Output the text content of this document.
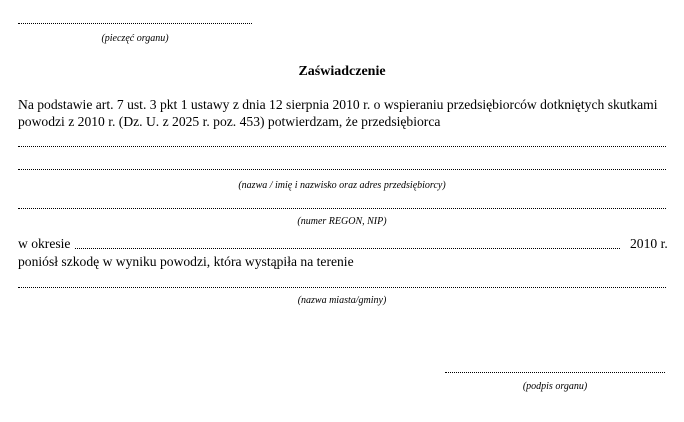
(pieczęć organu)
Zaświadczenie
Na podstawie art. 7 ust. 3 pkt 1 ustawy z dnia 12 sierpnia 2010 r. o wspieraniu przedsiębiorców dotkniętych skutkami
powodzi z 2010 r. (Dz. U. z 2025 r. poz. 453) potwierdzam, że przedsiębiorca
(nazwa / imię i nazwisko oraz adres przedsiębiorcy)
(numer REGON, NIP)
w okresie	2010 r.
poniósł szkodę w wyniku powodzi, która wystąpiła na terenie
(nazwa miasta/gminy)
(podpis organu)
